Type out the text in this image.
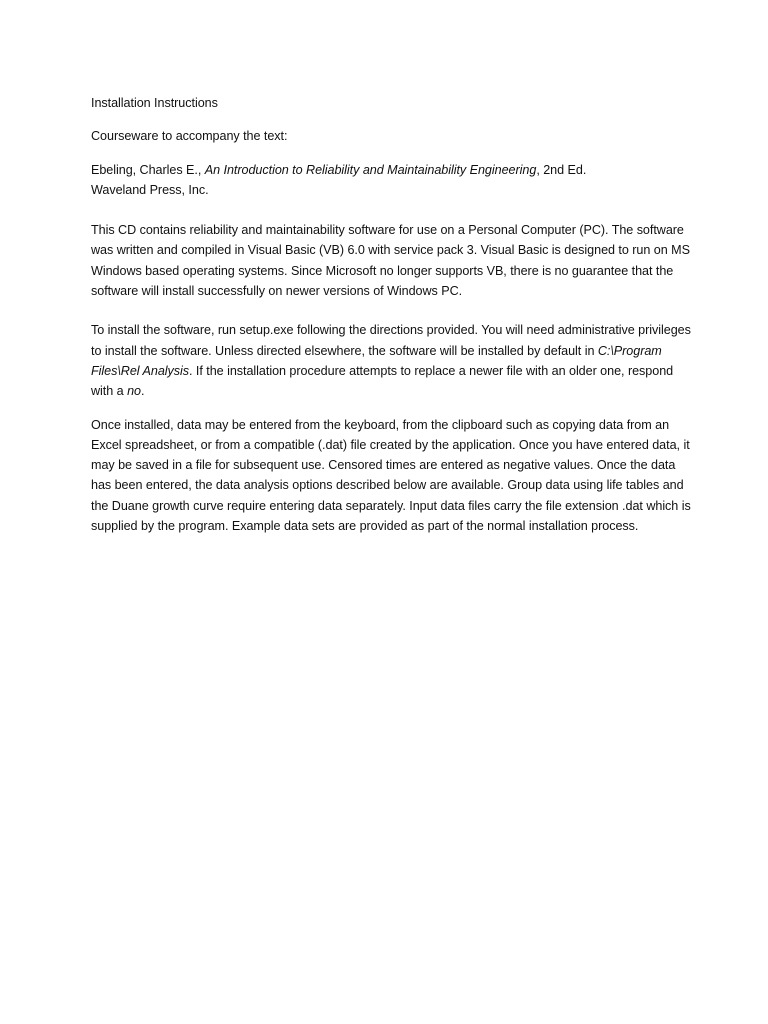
Installation Instructions

Courseware to accompany the text:

Ebeling, Charles E., An Introduction to Reliability and Maintainability Engineering, 2nd Ed.
Waveland Press, Inc.

This CD contains reliability and maintainability software for use on a Personal Computer (PC). The software was written and compiled in Visual Basic (VB) 6.0 with service pack 3. Visual Basic is designed to run on MS Windows based operating systems. Since Microsoft no longer supports VB, there is no guarantee that the software will install successfully on newer versions of Windows PC.

To install the software, run setup.exe following the directions provided. You will need administrative privileges to install the software. Unless directed elsewhere, the software will be installed by default in C:\Program Files\Rel Analysis. If the installation procedure attempts to replace a newer file with an older one, respond with a no.

Once installed, data may be entered from the keyboard, from the clipboard such as copying data from an Excel spreadsheet, or from a compatible (.dat) file created by the application. Once you have entered data, it may be saved in a file for subsequent use. Censored times are entered as negative values. Once the data has been entered, the data analysis options described below are available. Group data using life tables and the Duane growth curve require entering data separately. Input data files carry the file extension .dat which is supplied by the program. Example data sets are provided as part of the normal installation process.
